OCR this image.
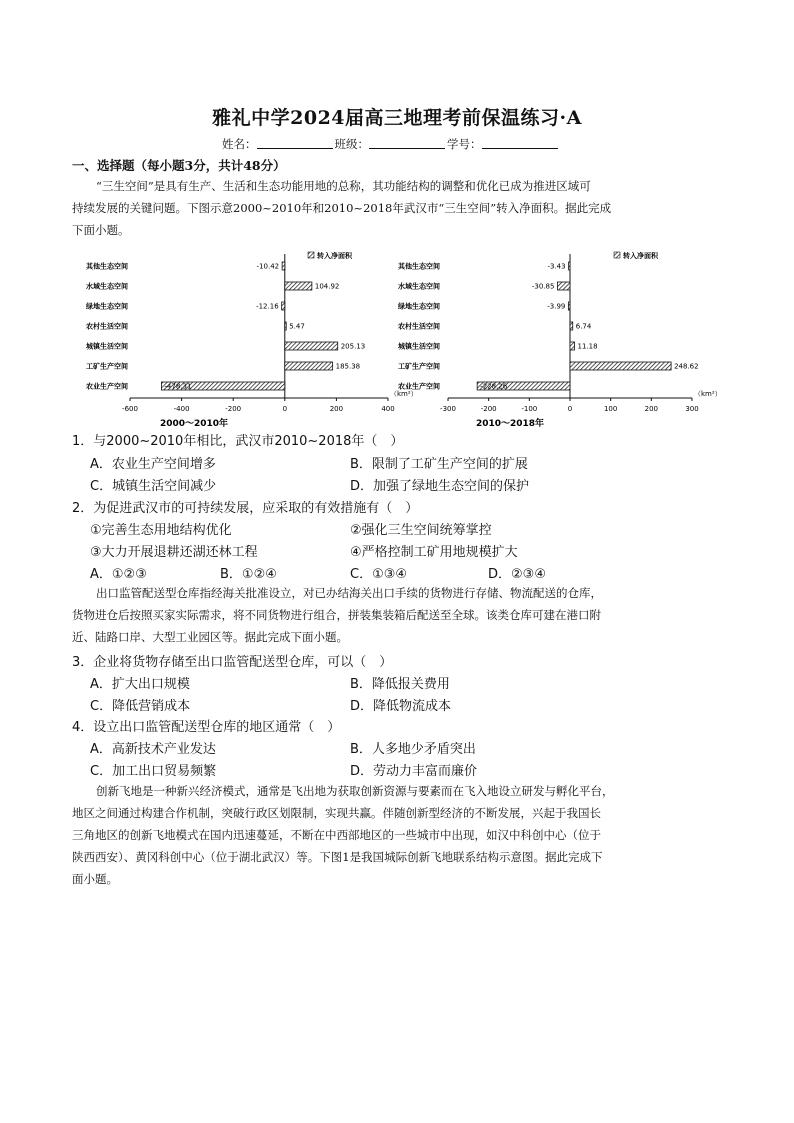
雅礼中学2024届高三地理考前保温练习·A
姓名：	班级：	学号：
一、选择题（每小题3分，共计48分）
“三生空间”是具有生产、生活和生态功能用地的总称，其功能结构的调整和优化已成为推进区域可
持续发展的关键问题。下图示意2000~2010年和2010~2018年武汉市“三生空间”转入净面积。据此完成
下面小题。
-600	-400	-200	0	200	400
（km²）
其他生态空间	-10.42
水域生态空间	104.92
绿地生态空间	-12.16
农村生活空间	5.47
城镇生活空间	205.13
工矿生产空间	185.38
农业生产空间	-478.31
转入净面积
2000～2010年
-300	-200	-100	0	100	200	300
（km²）
其他生态空间	-3.43
水域生态空间	-30.85
绿地生态空间	-3.99
农村生活空间	6.74
城镇生活空间	11.18
工矿生产空间	248.62
农业生产空间	-228.26
转入净面积
2010～2018年
1．与2000~2010年相比，武汉市2010~2018年（　）
A．农业生产空间增多	B．限制了工矿生产空间的扩展
C．城镇生活空间减少	D．加强了绿地生态空间的保护
2．为促进武汉市的可持续发展，应采取的有效措施有（　）
①完善生态用地结构优化	②强化三生空间统筹掌控
③大力开展退耕还湖还林工程	④严格控制工矿用地规模扩大
A．①②③	B．①②④	C．①③④	D．②③④
出口监管配送型仓库指经海关批准设立，对已办结海关出口手续的货物进行存储、物流配送的仓库，
货物进仓后按照买家实际需求，将不同货物进行组合，拼装集装箱后配送至全球。该类仓库可建在港口附
近、陆路口岸、大型工业园区等。据此完成下面小题。
3．企业将货物存储至出口监管配送型仓库，可以（　）
A．扩大出口规模	B．降低报关费用
C．降低营销成本	D．降低物流成本
4．设立出口监管配送型仓库的地区通常（　）
A．高新技术产业发达	B．人多地少矛盾突出
C．加工出口贸易频繁	D．劳动力丰富而廉价
创新飞地是一种新兴经济模式，通常是飞出地为获取创新资源与要素而在飞入地设立研发与孵化平台，
地区之间通过构建合作机制，突破行政区划限制，实现共赢。伴随创新型经济的不断发展，兴起于我国长
三角地区的创新飞地模式在国内迅速蔓延，不断在中西部地区的一些城市中出现，如汉中科创中心（位于
陕西西安）、黄冈科创中心（位于湖北武汉）等。下图1是我国城际创新飞地联系结构示意图。据此完成下
面小题。
